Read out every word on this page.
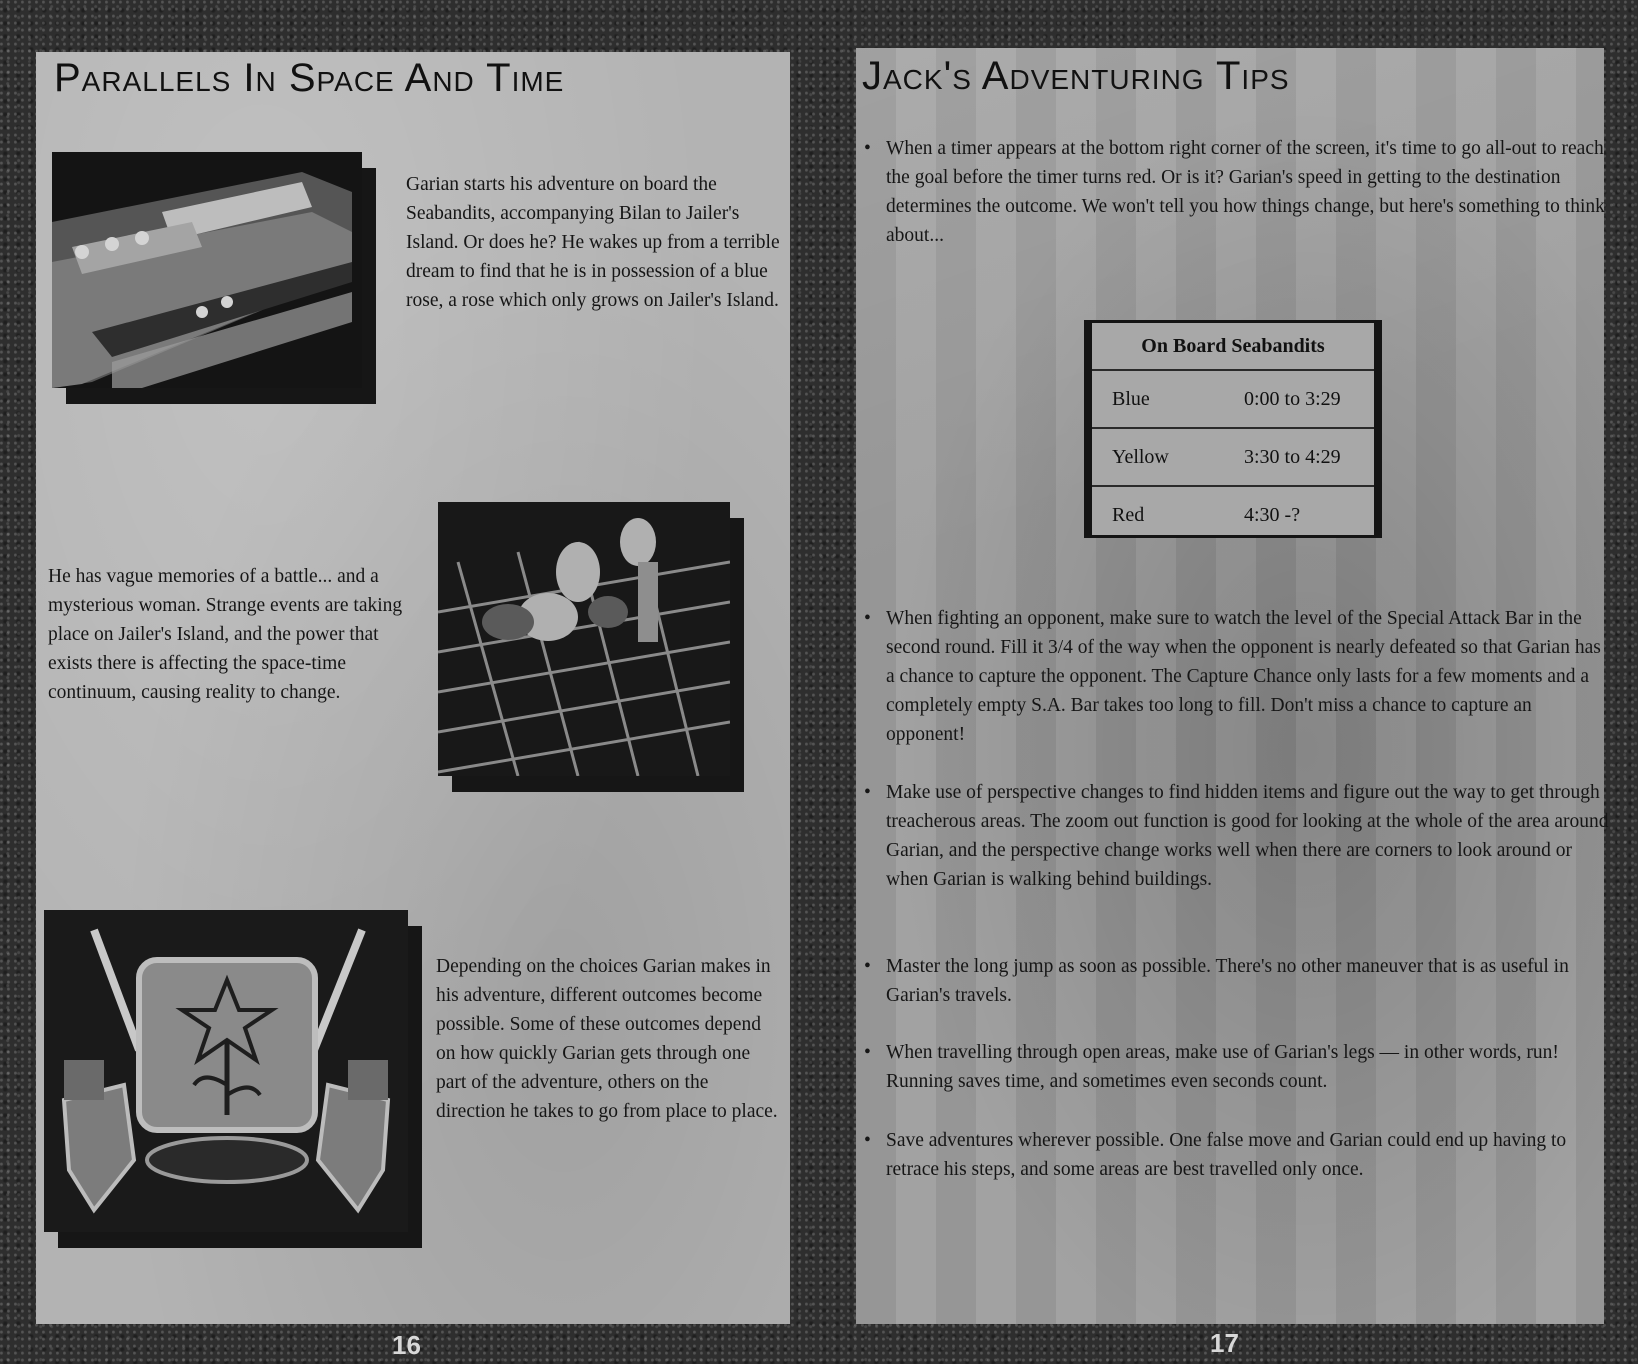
Parallels In Space And Time

Garian starts his adventure on board the Seabandits, accompanying Bilan to Jailer's Island. Or does he? He wakes up from a terrible dream to find that he is in possession of a blue rose, a rose which only grows on Jailer's Island.

He has vague memories of a battle... and a mysterious woman. Strange events are taking place on Jailer's Island, and the power that exists there is affecting the space-time continuum, causing reality to change.

Depending on the choices Garian makes in his adventure, different outcomes become possible. Some of these outcomes depend on how quickly Garian gets through one part of the adventure, others on the direction he takes to go from place to place.

16
Jack's Adventuring Tips
• When a timer appears at the bottom right corner of the screen, it's time to go all-out to reach the goal before the timer turns red. Or is it? Garian's speed in getting to the destination determines the outcome. We won't tell you how things change, but here's something to think about...
On Board Seabandits
Blue	0:00 to 3:29
Yellow	3:30 to 4:29
Red	4:30 -?
• When fighting an opponent, make sure to watch the level of the Special Attack Bar in the second round. Fill it 3/4 of the way when the opponent is nearly defeated so that Garian has a chance to capture the opponent. The Capture Chance only lasts for a few moments and a completely empty S.A. Bar takes too long to fill. Don't miss a chance to capture an opponent!
• Make use of perspective changes to find hidden items and figure out the way to get through treacherous areas. The zoom out function is good for looking at the whole of the area around Garian, and the perspective change works well when there are corners to look around or when Garian is walking behind buildings.
• Master the long jump as soon as possible. There's no other maneuver that is as useful in Garian's travels.
• When travelling through open areas, make use of Garian's legs — in other words, run! Running saves time, and sometimes even seconds count.
• Save adventures wherever possible. One false move and Garian could end up having to retrace his steps, and some areas are best travelled only once.
17
